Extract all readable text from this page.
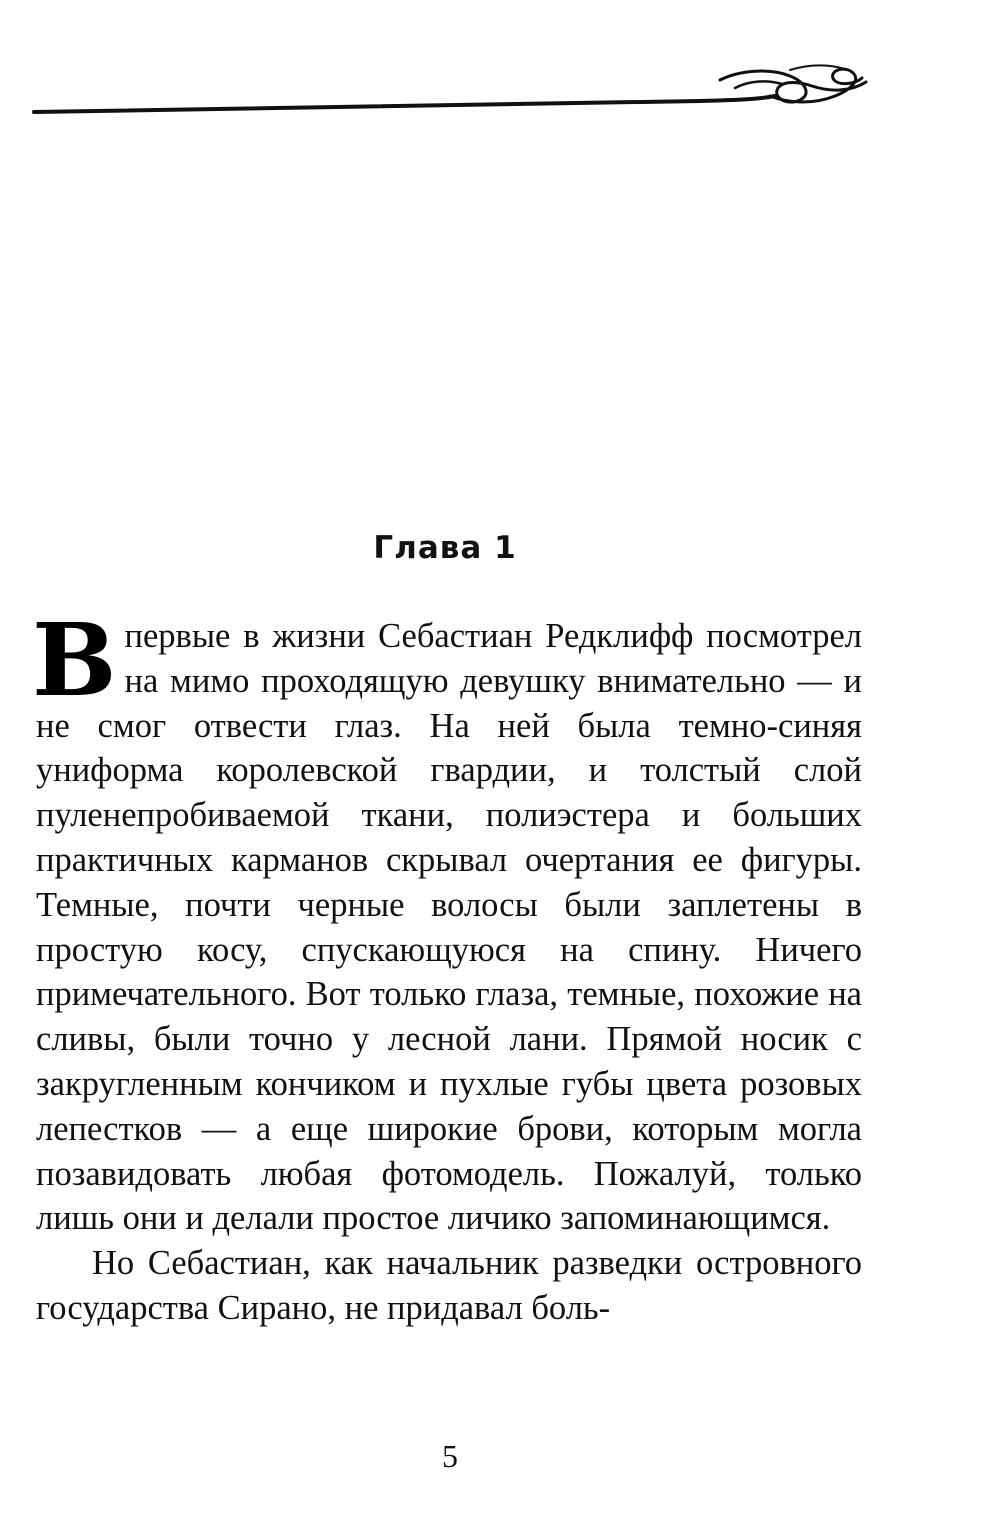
Глава 1

Впервые в жизни Себастиан Редклифф посмотрел на мимо проходящую девушку внимательно — и не смог отвести глаз. На ней была темно-синяя униформа королевской гвардии, и толстый слой пуленепробиваемой ткани, полиэстера и больших практичных карманов скрывал очертания ее фигуры. Темные, почти черные волосы были заплетены в простую косу, спускающуюся на спину. Ничего примечательного. Вот только глаза, темные, похожие на сливы, были точно у лесной лани. Прямой носик с закругленным кончиком и пухлые губы цвета розовых лепестков — а еще широкие брови, которым могла позавидовать любая фотомодель. Пожалуй, только лишь они и делали простое личико запоминающимся.

Но Себастиан, как начальник разведки островного государства Сирано, не придавал боль-

5
